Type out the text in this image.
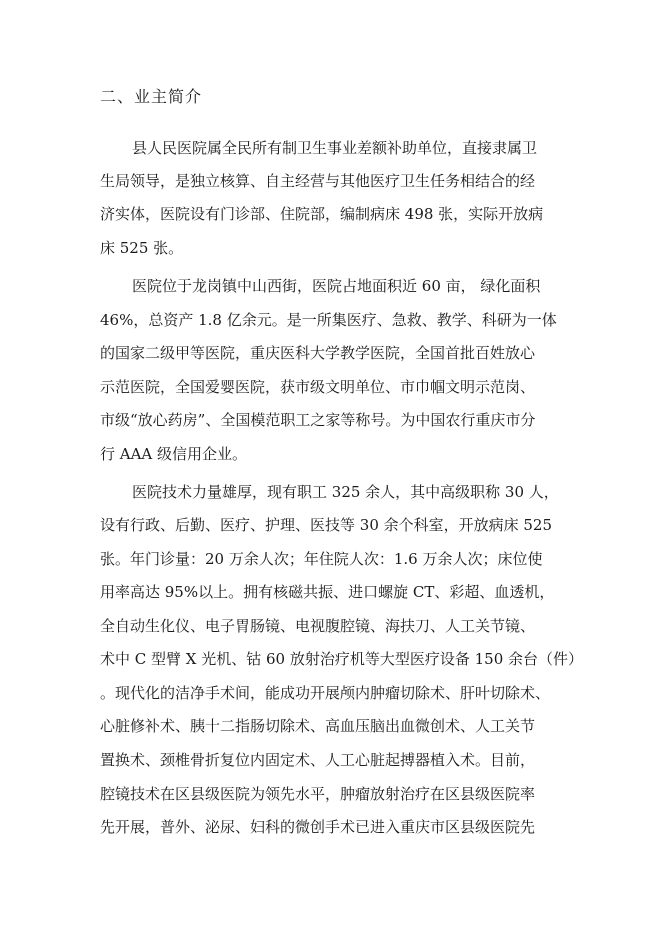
二、业主简介
县人民医院属全民所有制卫生事业差额补助单位，直接隶属卫
生局领导，是独立核算、自主经营与其他医疗卫生任务相结合的经
济实体，医院设有门诊部、住院部，编制病床 498 张，实际开放病
床 525 张。
医院位于龙岗镇中山西街，医院占地面积近 60 亩， 绿化面积
46%，总资产 1.8 亿余元。是一所集医疗、急救、教学、科研为一体
的国家二级甲等医院，重庆医科大学教学医院，全国首批百姓放心
示范医院，全国爱婴医院，获市级文明单位、市巾帼文明示范岗、
市级“放心药房”、全国模范职工之家等称号。为中国农行重庆市分
行 AAA 级信用企业。
医院技术力量雄厚，现有职工 325 余人，其中高级职称 30 人，
设有行政、后勤、医疗、护理、医技等 30 余个科室，开放病床 525
张。年门诊量：20 万余人次；年住院人次：1.6 万余人次；床位使
用率高达 95%以上。拥有核磁共振、进口螺旋 CT、彩超、血透机，
全自动生化仪、电子胃肠镜、电视腹腔镜、海扶刀、人工关节镜、
术中 C 型臂 X 光机、钴 60 放射治疗机等大型医疗设备 150 余台（件）
。现代化的洁净手术间，能成功开展颅内肿瘤切除术、肝叶切除术、
心脏修补术、胰十二指肠切除术、高血压脑出血微创术、人工关节
置换术、颈椎骨折复位内固定术、人工心脏起搏器植入术。目前，
腔镜技术在区县级医院为领先水平，肿瘤放射治疗在区县级医院率
先开展，普外、泌尿、妇科的微创手术已进入重庆市区县级医院先
